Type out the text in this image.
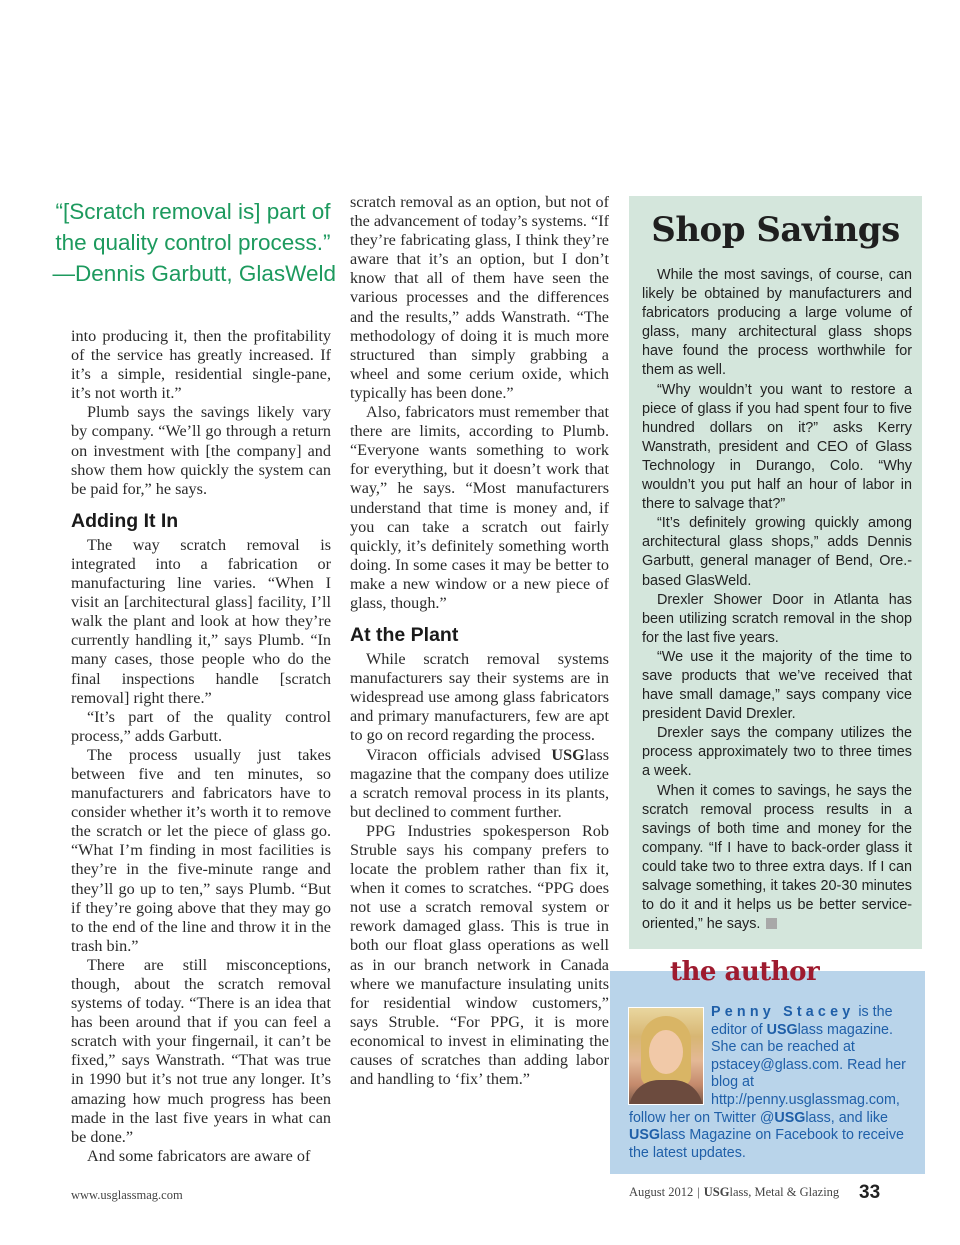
“[Scratch removal is] part of the quality control process.”
—Dennis Garbutt, GlasWeld

into producing it, then the profitability of the service has greatly increased. If it’s a simple, residential single-pane, it’s not worth it.”

Plumb says the savings likely vary by company. “We’ll go through a return on investment with [the company] and show them how quickly the system can be paid for,” he says.

Adding It In

The way scratch removal is integrated into a fabrication or manufacturing line varies. “When I visit an [architectural glass] facility, I’ll walk the plant and look at how they’re currently handling it,” says Plumb. “In many cases, those people who do the final inspections handle [scratch removal] right there.”

“It’s part of the quality control process,” adds Garbutt.

The process usually just takes between five and ten minutes, so manufacturers and fabricators have to consider whether it’s worth it to remove the scratch or let the piece of glass go. “What I’m finding in most facilities is they’re in the five-minute range and they’ll go up to ten,” says Plumb. “But if they’re going above that they may go to the end of the line and throw it in the trash bin.”

There are still misconceptions, though, about the scratch removal systems of today. “There is an idea that has been around that if you can feel a scratch with your fingernail, it can’t be fixed,” says Wanstrath. “That was true in 1990 but it’s not true any longer. It’s amazing how much progress has been made in the last five years in what can be done.”

And some fabricators are aware of

scratch removal as an option, but not of the advancement of today’s systems. “If they’re fabricating glass, I think they’re aware that it’s an option, but I don’t know that all of them have seen the various processes and the differences and the results,” adds Wanstrath. “The methodology of doing it is much more structured than simply grabbing a wheel and some cerium oxide, which typically has been done.”

Also, fabricators must remember that there are limits, according to Plumb. “Everyone wants something to work for everything, but it doesn’t work that way,” he says. “Most manufacturers understand that time is money and, if you can take a scratch out fairly quickly, it’s definitely something worth doing. In some cases it may be better to make a new window or a new piece of glass, though.”

At the Plant

While scratch removal systems manufacturers say their systems are in widespread use among glass fabricators and primary manufacturers, few are apt to go on record regarding the process.

Viracon officials advised USGlass magazine that the company does utilize a scratch removal process in its plants, but declined to comment further.

PPG Industries spokesperson Rob Struble says his company prefers to locate the problem rather than fix it, when it comes to scratches. “PPG does not use a scratch removal system or rework damaged glass. This is true in both our float glass operations as well as in our branch network in Canada where we manufacture insulating units for residential window customers,” says Struble. “For PPG, it is more economical to invest in eliminating the causes of scratches than adding labor and handling to ‘fix’ them.”

Shop Savings

While the most savings, of course, can likely be obtained by manufacturers and fabricators producing a large volume of glass, many architectural glass shops have found the process worthwhile for them as well.

“Why wouldn’t you want to restore a piece of glass if you had spent four to five hundred dollars on it?” asks Kerry Wanstrath, president and CEO of Glass Technology in Durango, Colo. “Why wouldn’t you put half an hour of labor in there to salvage that?”

“It’s definitely growing quickly among architectural glass shops,” adds Dennis Garbutt, general manager of Bend, Ore.-based GlasWeld.

Drexler Shower Door in Atlanta has been utilizing scratch removal in the shop for the last five years.

“We use it the majority of the time to save products that we’ve received that have small damage,” says company vice president David Drexler.

Drexler says the company utilizes the process approximately two to three times a week.

When it comes to savings, he says the scratch removal process results in a savings of both time and money for the company. “If I have to back-order glass it could take two to three extra days. If I can salvage something, it takes 20-30 minutes to do it and it helps us be better service-oriented,” he says.

the author
Penny Stacey is the editor of USGlass magazine. She can be reached at pstacey@glass.com. Read her blog at http://penny.usglassmag.com, follow her on Twitter @USGlass, and like USGlass Magazine on Facebook to receive the latest updates.
www.usglassmag.com	August 2012 | USGlass, Metal & Glazing	33
